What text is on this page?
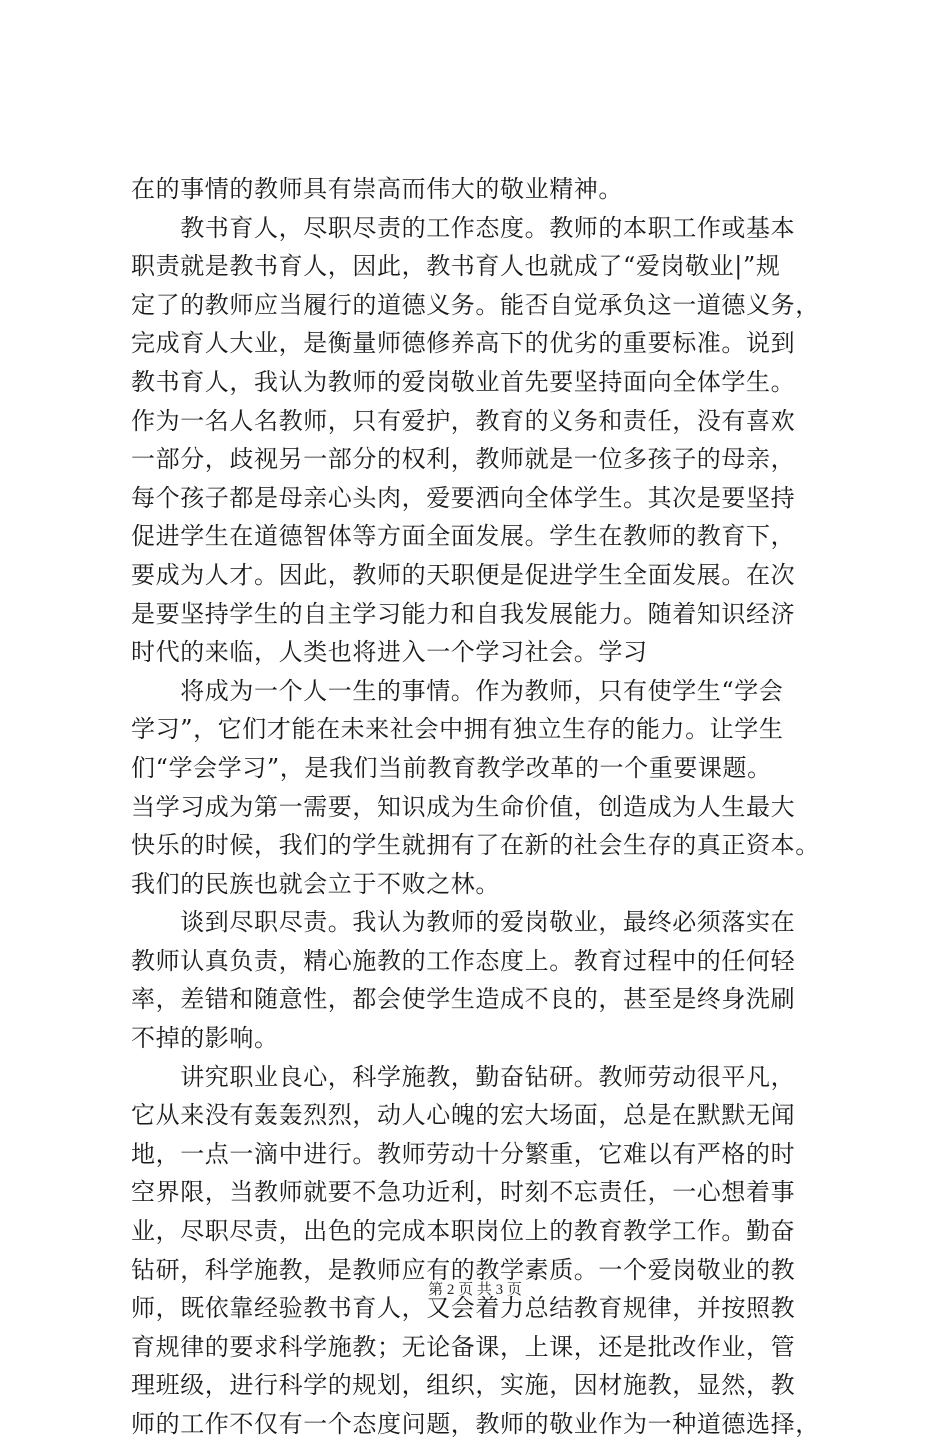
在的事情的教师具有崇高而伟大的敬业精神。
　　教书育人，尽职尽责的工作态度。教师的本职工作或基本
职责就是教书育人，因此，教书育人也就成了“爱岗敬业|”规
定了的教师应当履行的道德义务。能否自觉承负这一道德义务，
完成育人大业，是衡量师德修养高下的优劣的重要标准。说到
教书育人，我认为教师的爱岗敬业首先要坚持面向全体学生。
作为一名人名教师，只有爱护，教育的义务和责任，没有喜欢
一部分，歧视另一部分的权利，教师就是一位多孩子的母亲，
每个孩子都是母亲心头肉，爱要洒向全体学生。其次是要坚持
促进学生在道德智体等方面全面发展。学生在教师的教育下，
要成为人才。因此，教师的天职便是促进学生全面发展。在次
是要坚持学生的自主学习能力和自我发展能力。随着知识经济
时代的来临，人类也将进入一个学习社会。学习
　　将成为一个人一生的事情。作为教师，只有使学生“学会
学习”，它们才能在未来社会中拥有独立生存的能力。让学生
们“学会学习”，是我们当前教育教学改革的一个重要课题。
当学习成为第一需要，知识成为生命价值，创造成为人生最大
快乐的时候，我们的学生就拥有了在新的社会生存的真正资本。
我们的民族也就会立于不败之林。
　　谈到尽职尽责。我认为教师的爱岗敬业，最终必须落实在
教师认真负责，精心施教的工作态度上。教育过程中的任何轻
率，差错和随意性，都会使学生造成不良的，甚至是终身洗刷
不掉的影响。
　　讲究职业良心，科学施教，勤奋钻研。教师劳动很平凡，
它从来没有轰轰烈烈，动人心魄的宏大场面，总是在默默无闻
地，一点一滴中进行。教师劳动十分繁重，它难以有严格的时
空界限，当教师就要不急功近利，时刻不忘责任，一心想着事
业，尽职尽责，出色的完成本职岗位上的教育教学工作。勤奋
钻研，科学施教，是教师应有的教学素质。一个爱岗敬业的教
师，既依靠经验教书育人，又会着力总结教育规律，并按照教
育规律的要求科学施教；无论备课，上课，还是批改作业，管
理班级，进行科学的规划，组织，实施，因材施教，显然，教
师的工作不仅有一个态度问题，教师的敬业作为一种道德选择，
第 2 页 共 3 页
